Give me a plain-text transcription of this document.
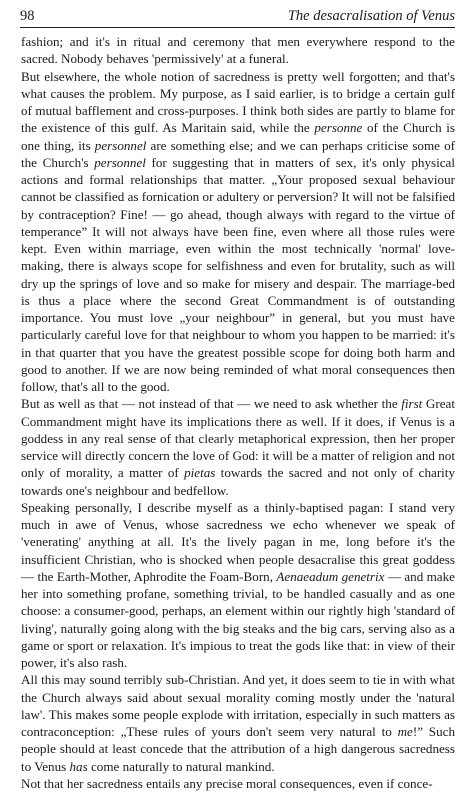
98	The desacralisation of Venus

fashion; and it's in ritual and ceremony that men everywhere respond to the sacred. Nobody behaves 'permissively' at a funeral.

But elsewhere, the whole notion of sacredness is pretty well forgotten; and that's what causes the problem. My purpose, as I said earlier, is to bridge a certain gulf of mutual bafflement and cross-purposes. I think both sides are partly to blame for the existence of this gulf. As Maritain said, while the personne of the Church is one thing, its personnel are something else; and we can perhaps criticise some of the Church's personnel for suggesting that in matters of sex, it's only physical actions and formal relationships that matter. „Your proposed sexual behaviour cannot be classified as fornication or adultery or perversion? It will not be falsified by contraception? Fine! — go ahead, though always with regard to the virtue of temperance” It will not always have been fine, even where all those rules were kept. Even within marriage, even within the most technically 'normal' love-making, there is always scope for selfishness and even for brutality, such as will dry up the springs of love and so make for misery and despair. The marriage-bed is thus a place where the second Great Commandment is of outstanding importance. You must love „your neighbour” in general, but you must have particularly careful love for that neighbour to whom you happen to be married: it's in that quarter that you have the greatest possible scope for doing both harm and good to another. If we are now being reminded of what moral consequences then follow, that's all to the good.

But as well as that — not instead of that — we need to ask whether the first Great Commandment might have its implications there as well. If it does, if Venus is a goddess in any real sense of that clearly metaphorical expression, then her proper service will directly concern the love of God: it will be a matter of religion and not only of morality, a matter of pietas towards the sacred and not only of charity towards one's neighbour and bedfellow.

Speaking personally, I describe myself as a thinly-baptised pagan: I stand very much in awe of Venus, whose sacredness we echo whenever we speak of 'venerating' anything at all. It's the lively pagan in me, long before it's the insufficient Christian, who is shocked when people desacralise this great goddess — the Earth-Mother, Aphrodite the Foam-Born, Aenaeadum genetrix — and make her into something profane, something trivial, to be handled casually and as one choose: a consumer-good, perhaps, an element within our rightly high 'standard of living', naturally going along with the big steaks and the big cars, serving also as a game or sport or relaxation. It's impious to treat the gods like that: in view of their power, it's also rash.

All this may sound terribly sub-Christian. And yet, it does seem to tie in with what the Church always said about sexual morality coming mostly under the 'natural law'. This makes some people explode with irritation, especially in such matters as contraconception: „These rules of yours don't seem very natural to me!” Such people should at least concede that the attribution of a high dangerous sacredness to Venus has come naturally to natural mankind.

Not that her sacredness entails any precise moral consequences, even if conce-
